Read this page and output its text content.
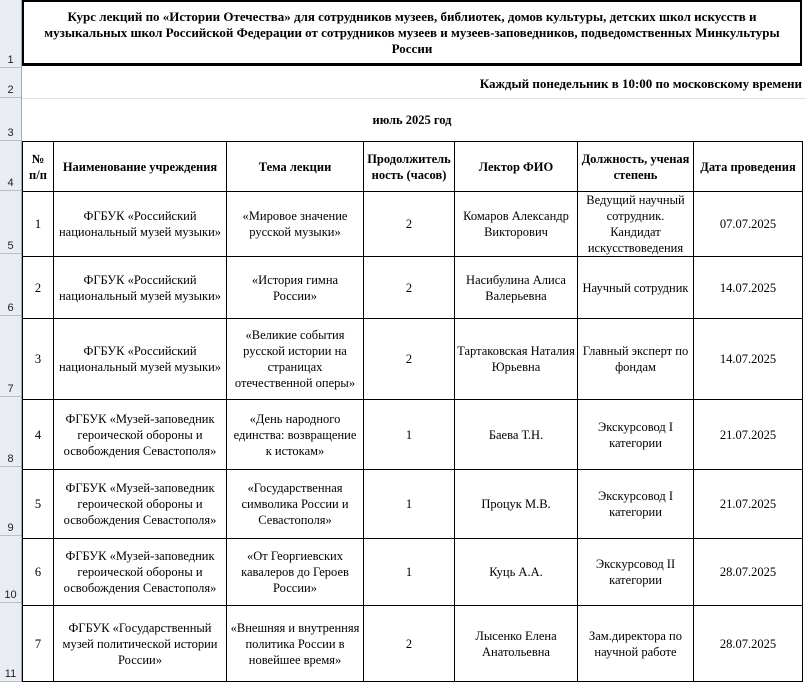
1
2
3
4
5
6
7
8
9
10
11
Курс лекций по «Истории Отечества» для сотрудников музеев, библиотек, домов культуры, детских школ искусств и музыкальных школ Российской Федерации от сотрудников музеев и музеев-заповедников, подведомственных Минкультуры России
Каждый понедельник в 10:00 по московскому времени
июль 2025 год
№ п/п	Наименование учреждения	Тема лекции	Продолжительность (часов)	Лектор ФИО	Должность, ученая степень	Дата проведения
1	ФГБУК «Российский национальный музей музыки»	«Мировое значение русской музыки»	2	Комаров Александр Викторович	Ведущий научный сотрудник. Кандидат искусствоведения	07.07.2025
2	ФГБУК «Российский национальный музей музыки»	«История гимна России»	2	Насибулина Алиса Валерьевна	Научный сотрудник	14.07.2025
3	ФГБУК «Российский национальный музей музыки»	«Великие события русской истории на страницах отечественной оперы»	2	Тартаковская Наталия Юрьевна	Главный эксперт по фондам	14.07.2025
4	ФГБУК «Музей-заповедник героической обороны и освобождения Севастополя»	«День народного единства: возвращение к истокам»	1	Баева Т.Н.	Экскурсовод I категории	21.07.2025
5	ФГБУК «Музей-заповедник героической обороны и освобождения Севастополя»	«Государственная символика России и Севастополя»	1	Процук М.В.	Экскурсовод I категории	21.07.2025
6	ФГБУК «Музей-заповедник героической обороны и освобождения Севастополя»	«От Георгиевских кавалеров до Героев России»	1	Куць А.А.	Экскурсовод II категории	28.07.2025
7	ФГБУК «Государственный музей политической истории России»	«Внешняя и внутренняя политика России в новейшее время»	2	Лысенко Елена Анатольевна	Зам.директора по научной работе	28.07.2025
